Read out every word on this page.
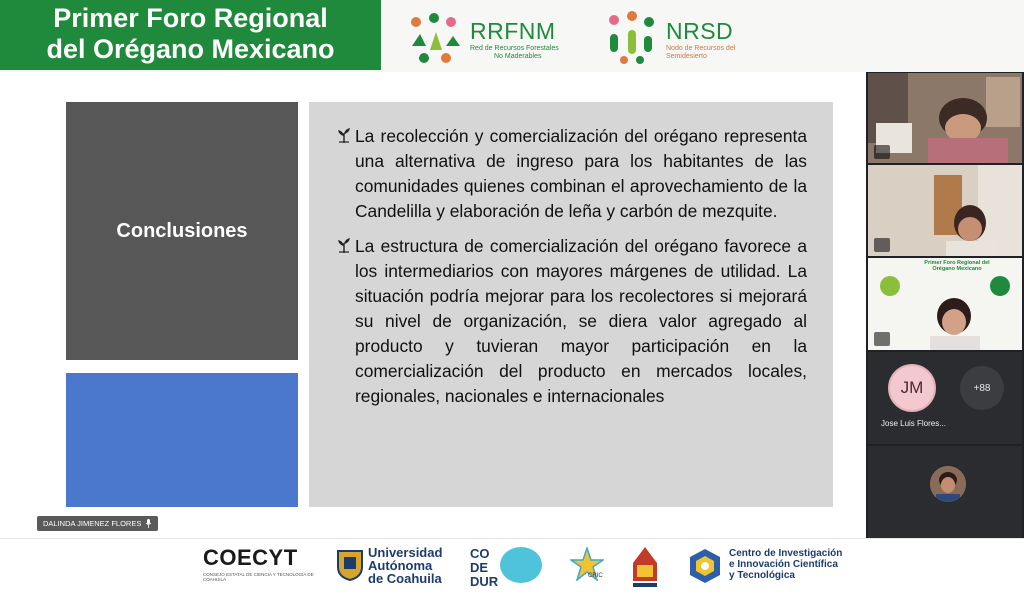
Primer Foro Regional
del Orégano Mexicano
RRFNM
Red de Recursos Forestales
No Maderables
NRSD
Nodo de Recursos del
Semidesierto
Conclusiones
La recolección y comercialización del orégano representa una alternativa de ingreso para los habitantes de las comunidades quienes combinan el aprovechamiento de la Candelilla y elaboración de leña y carbón de mezquite.
La estructura de comercialización del orégano favorece a los intermediarios con mayores márgenes de utilidad. La situación podría mejorar para los recolectores si mejorará su nivel de organización, se diera valor agregado al producto y tuvieran mayor participación en la comercialización del producto en mercados locales, regionales, nacionales e internacionales
DALINDA JIMENEZ FLORES
Primer Foro Regional del
Orégano Mexicano
JM	+88
Jose Luis Flores...
COECYT
CONSEJO ESTATAL DE CIENCIA Y TECNOLOGÍA DE COAHUILA
Universidad
Autónoma
de Coahuila
CO
DE
DUR	CRIC
Centro de Investigación
e Innovación Científica
y Tecnológica
